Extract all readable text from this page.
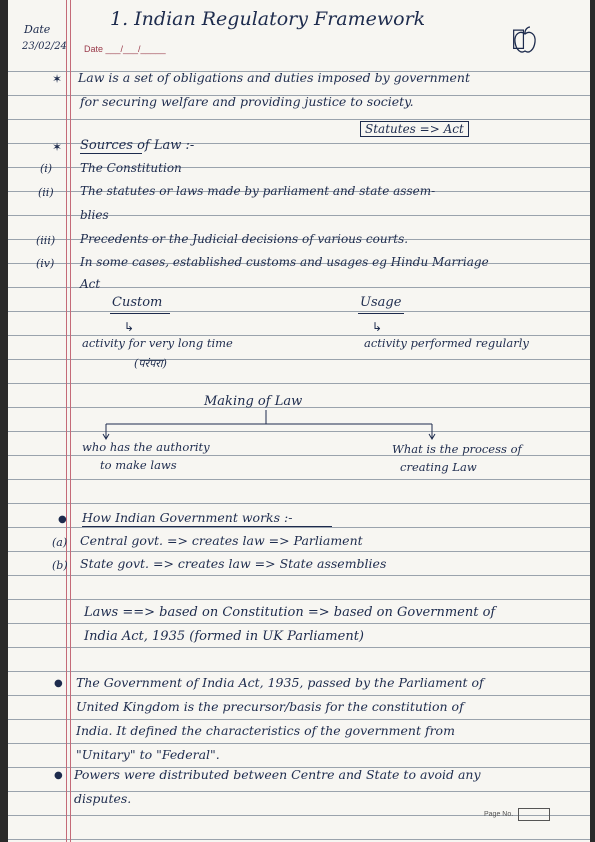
Date
23/02/24 Date ___/___/_____
1. Indian Regulatory Framework
✶ Law is a set of obligations and duties imposed by government
for securing welfare and providing justice to society.
Statutes => Act
✶ Sources of Law :-
(i) The Constitution
(ii) The statutes or laws made by parliament and state assem-
blies
(iii) Precedents or the Judicial decisions of various courts.
(iv) In some cases, established customs and usages eg Hindu Marriage
Act
Custom
↳
activity for very long time
(परंपरा)
Usage
↳
activity performed regularly
Making of Law
who has the authority
to make laws
What is the process of
creating Law
● How Indian Government works :-
(a) Central govt. => creates law => Parliament
(b) State govt. => creates law => State assemblies
Laws ==> based on Constitution => based on Government of
India Act, 1935 (formed in UK Parliament)
● The Government of India Act, 1935, passed by the Parliament of
United Kingdom is the precursor/basis for the constitution of
India. It defined the characteristics of the government from
"Unitary" to "Federal".
● Powers were distributed between Centre and State to avoid any
disputes.
Page No.
